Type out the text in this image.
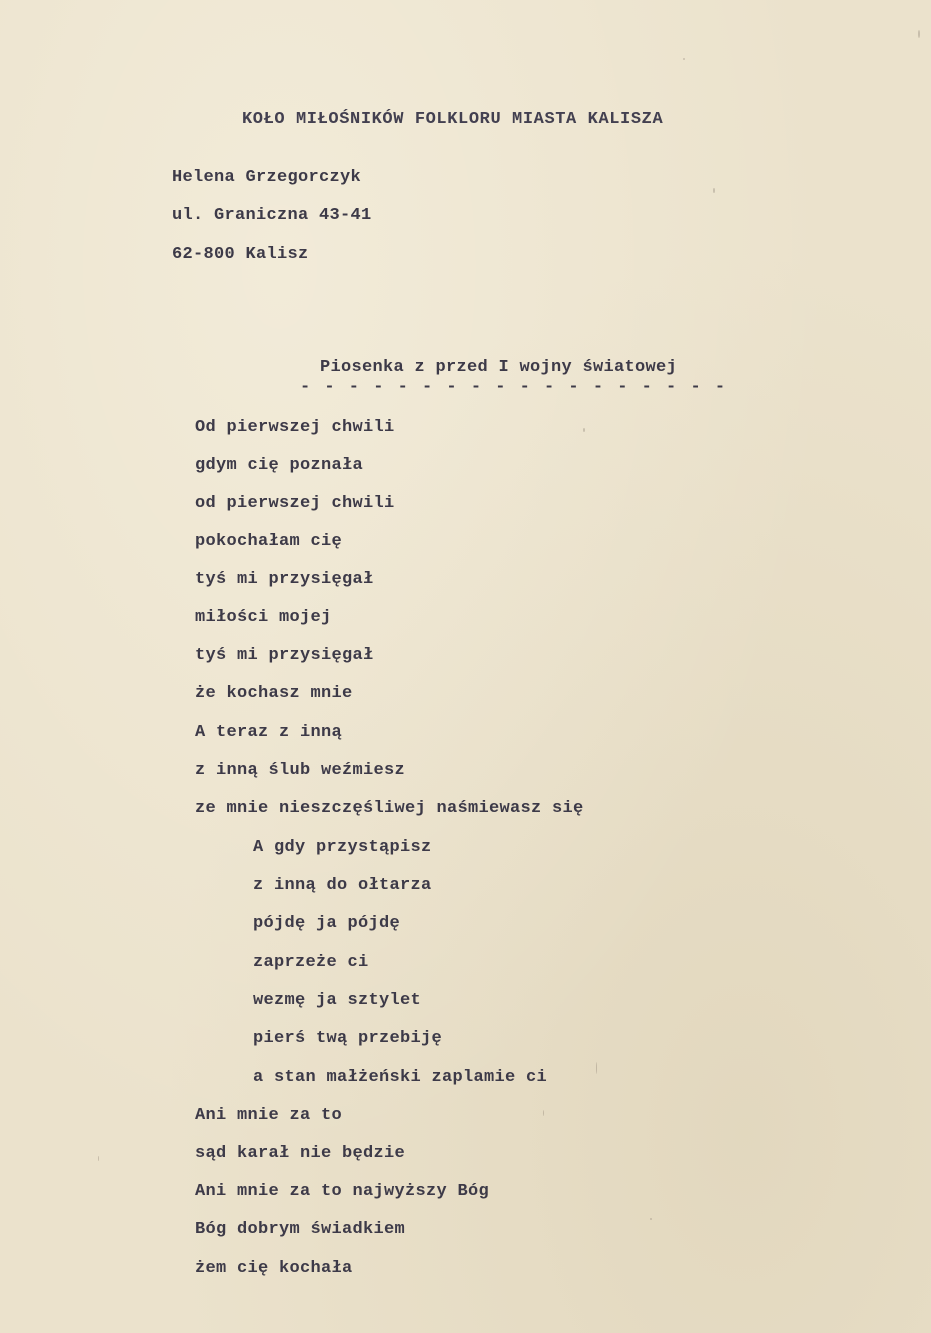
KOŁO MIŁOŚNIKÓW FOLKLORU MIASTA KALISZA
Helena Grzegorczyk
ul. Graniczna 43-41
62-800 Kalisz
Piosenka z przed I wojny światowej
- - - - - - - - - - - - - - - - - -
Od pierwszej chwili
gdym cię poznała
od pierwszej chwili
pokochałam cię
tyś mi przysięgał
miłości mojej
tyś mi przysięgał
że kochasz mnie
A teraz z inną
z inną ślub weźmiesz
ze mnie nieszczęśliwej naśmiewasz się
A gdy przystąpisz
z inną do ołtarza
pójdę ja pójdę
zaprzeże ci
wezmę ja sztylet
pierś twą przebiję
a stan małżeński zaplamie ci
Ani mnie za to
sąd karał nie będzie
Ani mnie za to najwyższy Bóg
Bóg dobrym świadkiem
żem cię kochała
